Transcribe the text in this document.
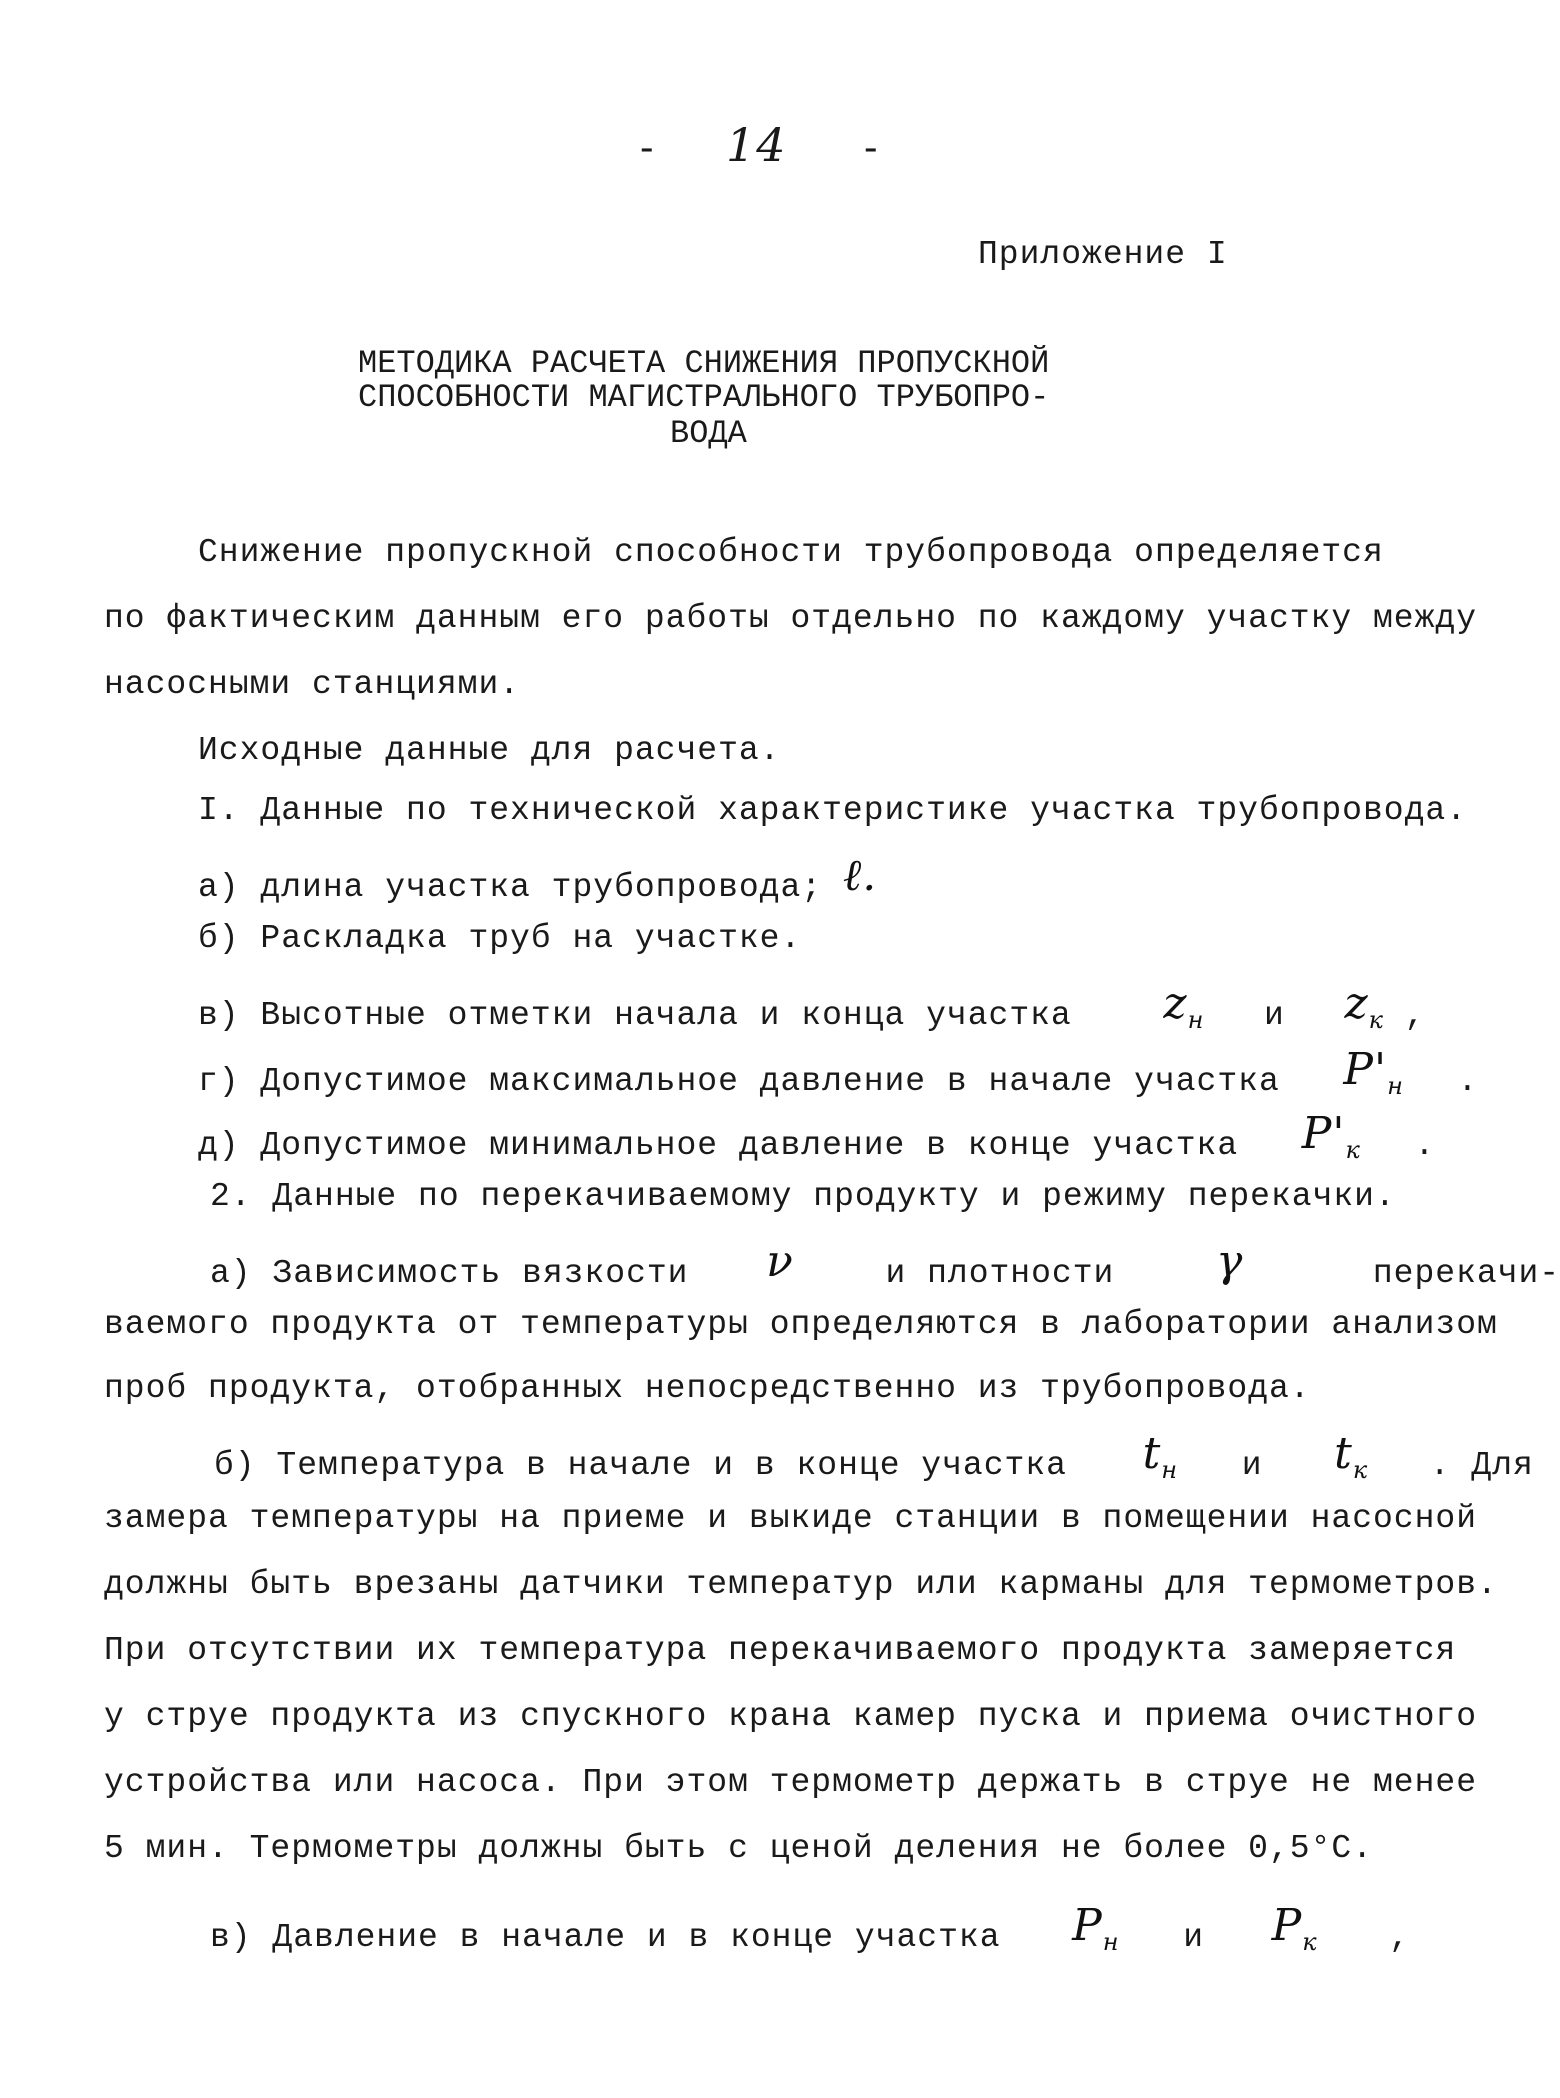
- 14 -
Приложение I
МЕТОДИКА РАСЧЕТА СНИЖЕНИЯ ПРОПУСКНОЙ
СПОСОБНОСТИ МАГИСТРАЛЬНОГО ТРУБОПРО-
ВОДА
Снижение пропускной способности трубопровода определяется
по фактическим данным его работы отдельно по каждому участку между
насосными станциями.
Исходные данные для расчета.
I. Данные по технической характеристике участка трубопровода.
а) длина участка трубопровода; ℓ.
б) Раскладка труб на участке.
в) Высотные отметки начала и конца участка $z_н$ и $z_к$ ,
г) Допустимое максимальное давление в начале участка $P'_н$ .
д) Допустимое минимальное давление в конце участка $P'_к$ .
2. Данные по перекачиваемому продукту и режиму перекачки.
а) Зависимость вязкости ν	и плотности γ	перекачи-
ваемого продукта от температуры определяются в лаборатории анализом
проб продукта, отобранных непосредственно из трубопровода.
б) Температура в начале и в конце участка $t_н$ и $t_к$ . Для
замера температуры на приеме и выкиде станции в помещении насосной
должны быть врезаны датчики температур или карманы для термометров.
При отсутствии их температура перекачиваемого продукта замеряется
у струе продукта из спускного крана камер пуска и приема очистного
устройства или насоса. При этом термометр держать в струе не менее
5 мин. Термометры должны быть с ценой деления не более 0,5°С.
в) Давление в начале и в конце участка $P_н$ и $P_к$ ,
